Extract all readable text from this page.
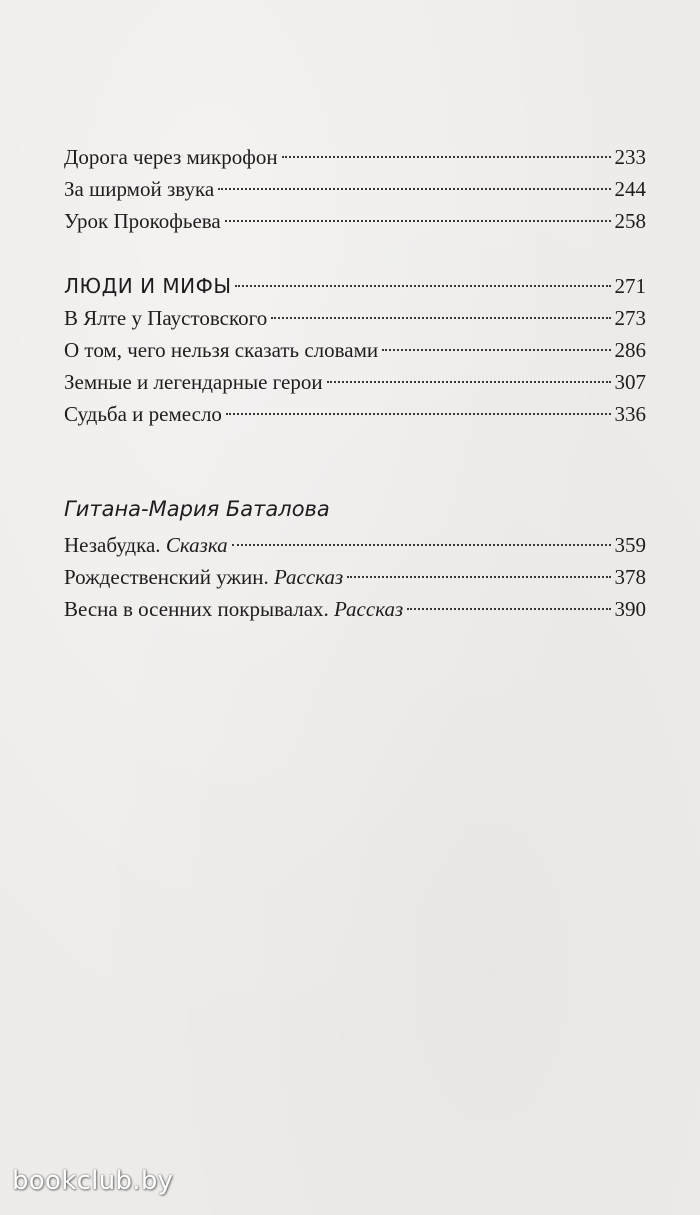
Дорога через микрофон	233
За ширмой звука	244
Урок Прокофьева	258
ЛЮДИ И МИФЫ	271
В Ялте у Паустовского	273
О том, чего нельзя сказать словами	286
Земные и легендарные герои	307
Судьба и ремесло	336
Гитана-Мария Баталова
Незабудка. Сказка	359
Рождественский ужин. Рассказ	378
Весна в осенних покрывалах. Рассказ	390
bookclub.by
